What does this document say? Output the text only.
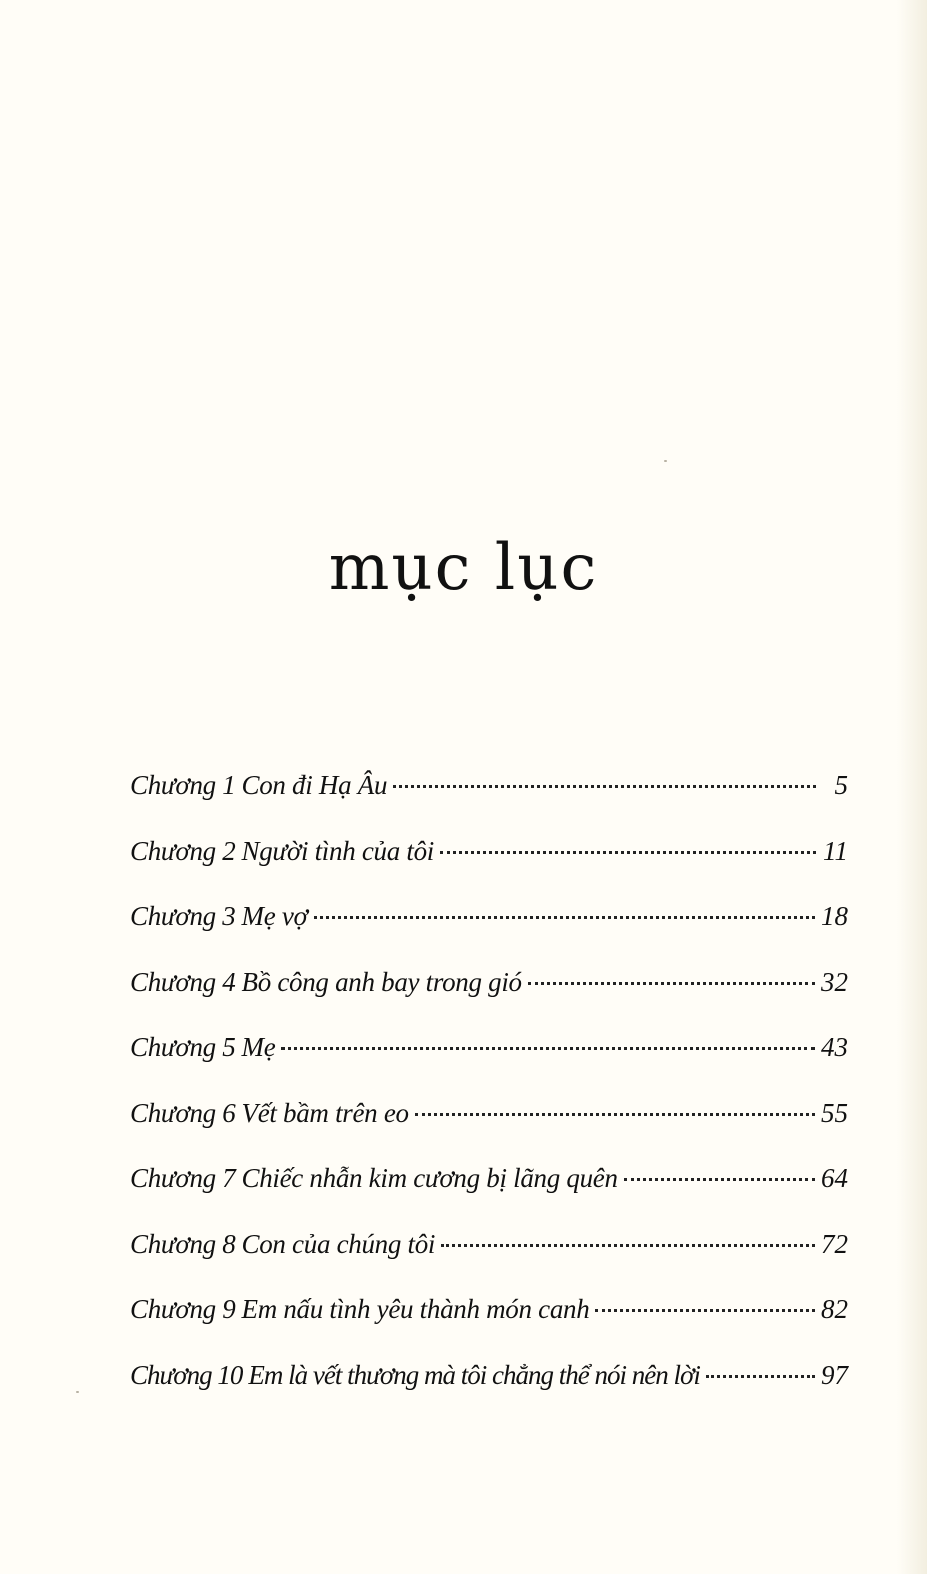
mục lục
Chương 1 Con đi Hạ Âu	5
Chương 2 Người tình của tôi	11
Chương 3 Mẹ vợ	18
Chương 4 Bồ công anh bay trong gió	32
Chương 5 Mẹ	43
Chương 6 Vết bầm trên eo	55
Chương 7 Chiếc nhẫn kim cương bị lãng quên	64
Chương 8 Con của chúng tôi	72
Chương 9 Em nấu tình yêu thành món canh	82
Chương 10 Em là vết thương mà tôi chẳng thể nói nên lời	97
